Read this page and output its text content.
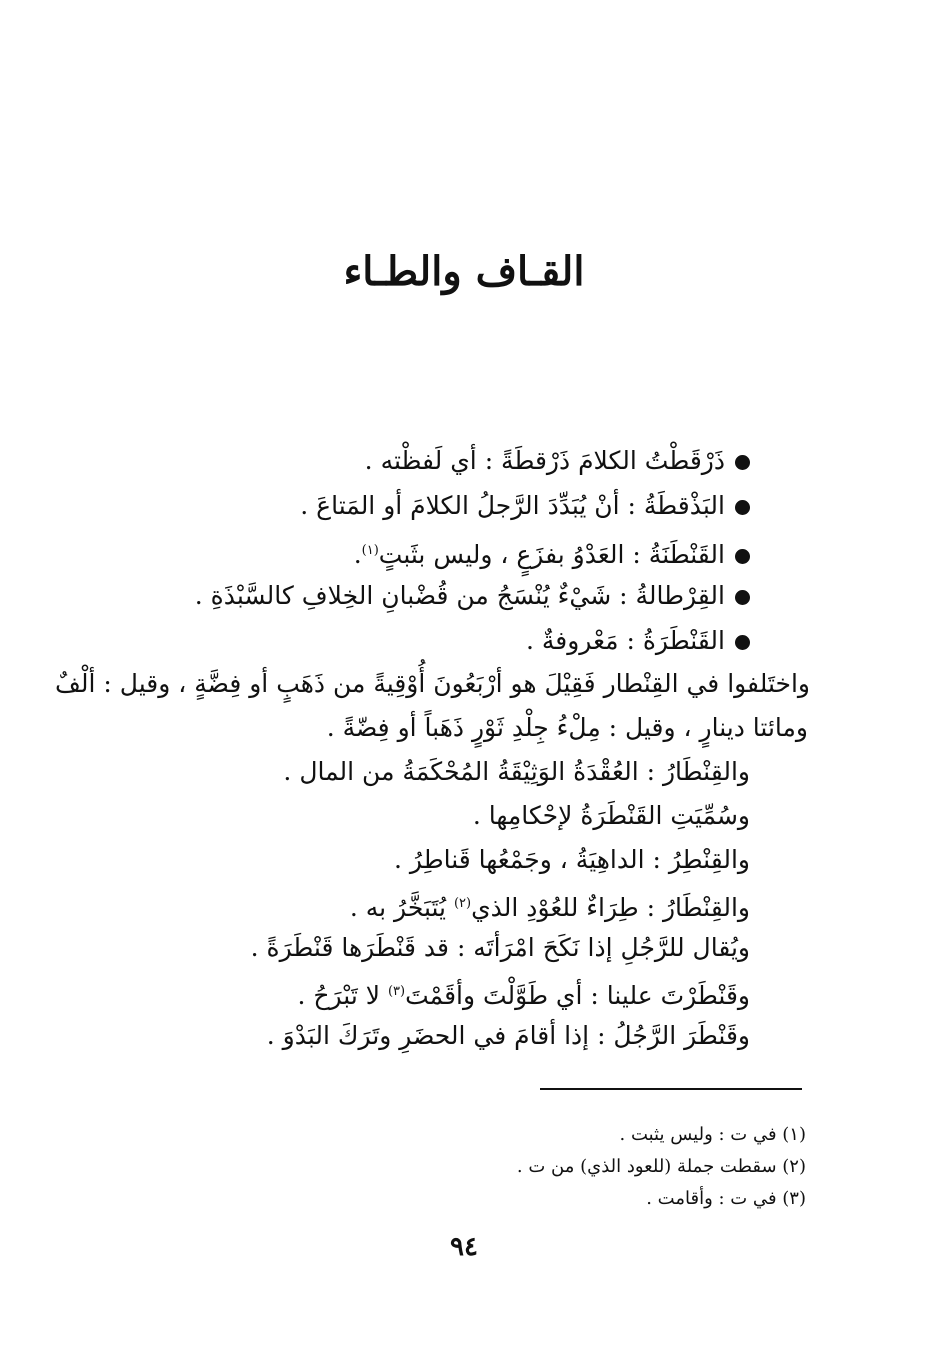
القـاف والطـاء
ذَرْقَطْتُ الكلامَ ذَرْقطَةً : أي لَفظْته .
البَذْقطَةُ : أنْ يُبَدِّدَ الرَّجلُ الكلامَ أو المَتاعَ .
القَنْطَنَةُ : العَدْوُ بفزَعٍ ، وليس بثَبتٍ$^{(١)}$.
القِرْطالةُ : شَيْءٌ يُنْسَجُ من قُضْبانِ الخِلافِ كالسَّبْذَةِ .
القَنْطَرَةُ : مَعْروفةٌ .
واختَلفوا في القِنْطار فَقِيْلَ هو أرْبَعُونَ أُوْقِيةً من ذَهَبٍ أو فِضَّةٍ ، وقيل : ألْفٌ
ومائتا دينارٍ ، وقيل : مِلْءُ جِلْدِ ثَوْرٍ ذَهَباً أو فِضّةً .
والقِنْطَارُ : العُقْدَةُ الوَثِيْقَةُ المُحْكَمَةُ من المال .
وسُمِّيَتِ القَنْطَرَةُ لإحْكامِها .
والقِنْطِرُ : الداهِيَةُ ، وجَمْعُها قَناطِرُ .
والقِنْطَارُ : طِرَاءٌ للعُوْدِ الذي$^{(٢)}$ يُتَبَخَّرُ به .
ويُقال للرَّجُلِ إذا نَكَحَ امْرَأتَه : قد قَنْطَرَها قَنْطَرَةً .
وقَنْطَرْتَ علينا : أي طَوَّلْتَ وأقَمْتَ$^{(٣)}$ لا تَبْرَحُ .
وقَنْطَرَ الرَّجُلُ : إذا أقامَ في الحضَرِ وتَرَكَ البَدْوَ .
(١) في ت : وليس يثبت .
(٢) سقطت جملة (للعود الذي) من ت .
(٣) في ت : وأقامت .
٩٤
